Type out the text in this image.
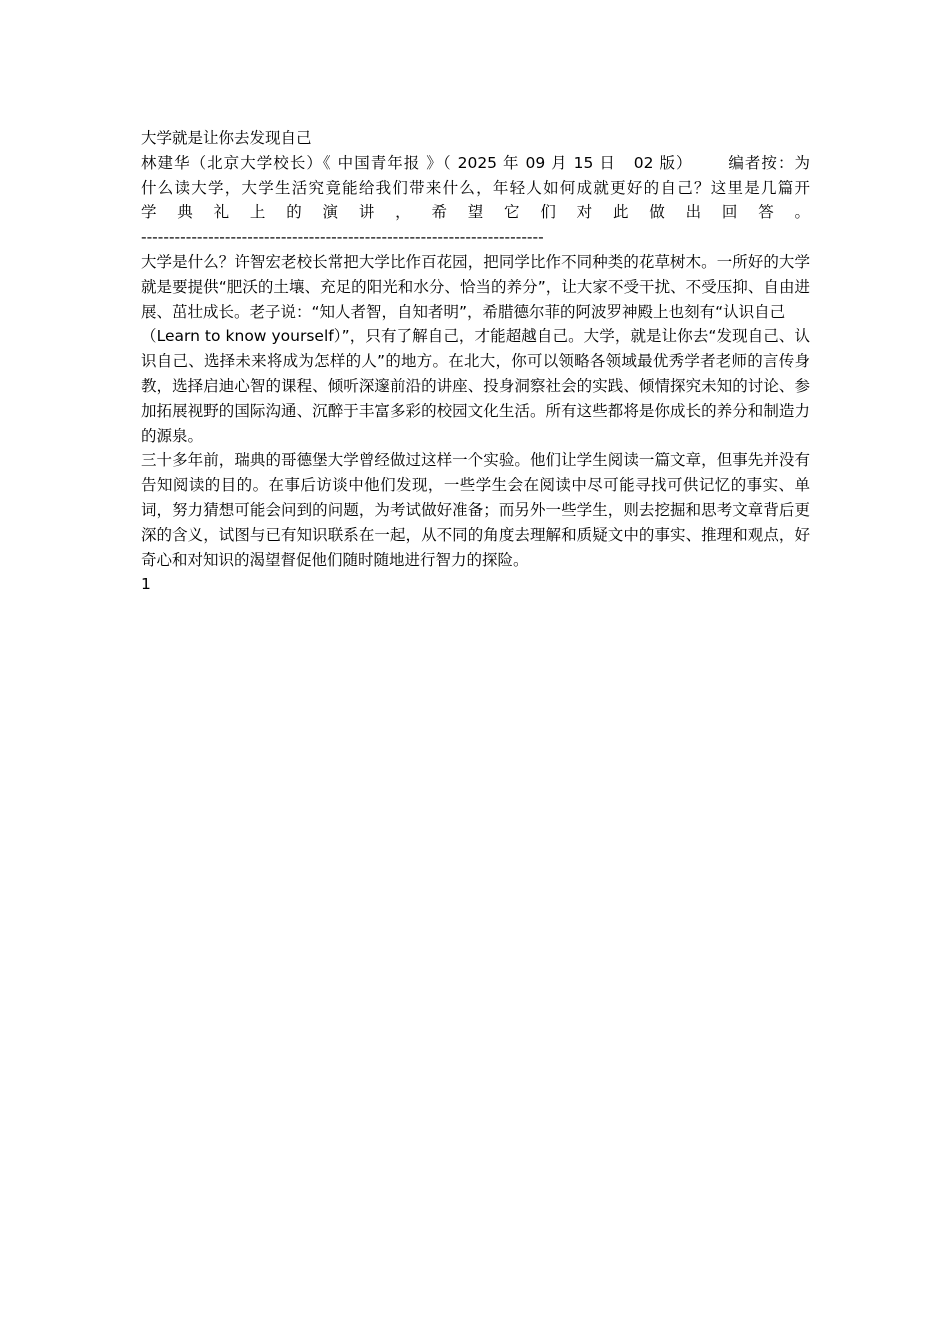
大学就是让你去发现自己
林建华（北京大学校长）《 中国青年报 》（ 2025 年 09 月 15 日   02 版）      编者按：为
什么读大学，大学生活究竟能给我们带来什么，年轻人如何成就更好的自己？这里是几篇开
学 典 礼 上 的 演 讲 ， 希 望 它 们 对 此 做 出 回 答 。
------------------------------------------------------------------------

大学是什么？许智宏老校长常把大学比作百花园，把同学比作不同种类的花草树木。一所好的大学就是要提供“肥沃的土壤、充足的阳光和水分、恰当的养分”，让大家不受干扰、不受压抑、自由进展、茁壮成长。老子说：“知人者智，自知者明”，希腊德尔菲的阿波罗神殿上也刻有“认识自己

（Learn to know yourself）”，只有了解自己，才能超越自己。大学，就是让你去“发现自己、认识自己、选择未来将成为怎样的人”的地方。在北大，你可以领略各领域最优秀学者老师的言传身教，选择启迪心智的课程、倾听深邃前沿的讲座、投身洞察社会的实践、倾情探究未知的讨论、参加拓展视野的国际沟通、沉醉于丰富多彩的校园文化生活。所有这些都将是你成长的养分和制造力的源泉。

三十多年前，瑞典的哥德堡大学曾经做过这样一个实验。他们让学生阅读一篇文章，但事先并没有告知阅读的目的。在事后访谈中他们发现，一些学生会在阅读中尽可能寻找可供记忆的事实、单词，努力猜想可能会问到的问题，为考试做好准备；而另外一些学生，则去挖掘和思考文章背后更深的含义，试图与已有知识联系在一起，从不同的角度去理解和质疑文中的事实、推理和观点，好奇心和对知识的渴望督促他们随时随地进行智力的探险。

1
